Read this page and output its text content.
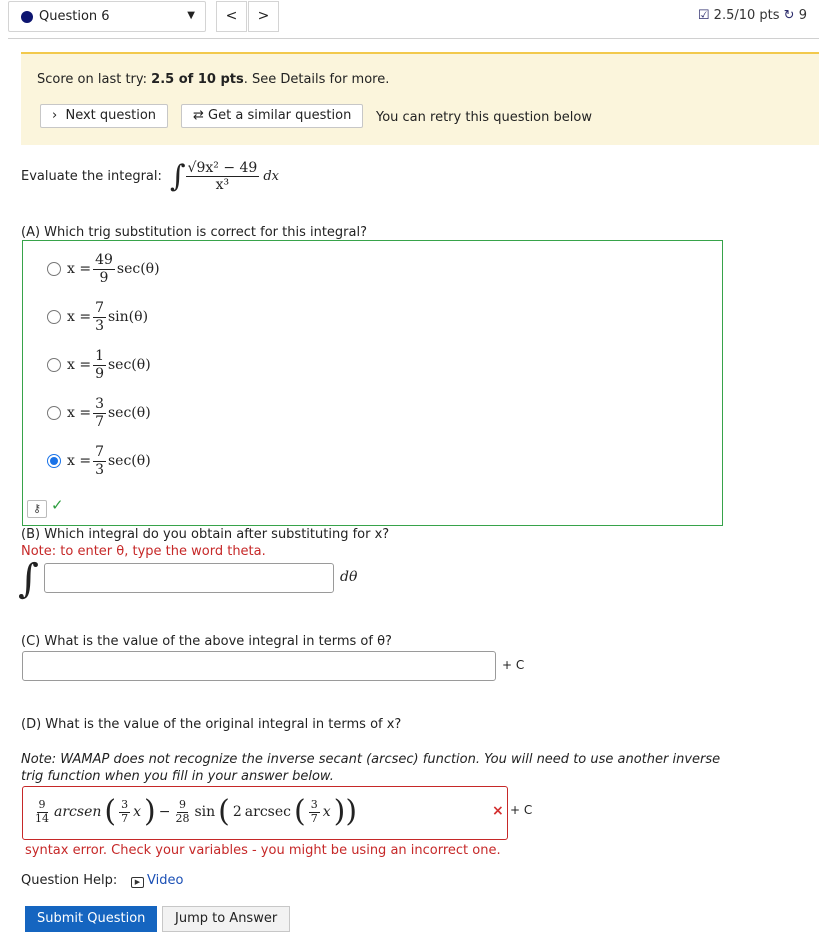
Question 6	▼	<	>	☑ 2.5/10 pts ↻ 9
Score on last try: 2.5 of 10 pts. See Details for more.
› Next question	⇄ Get a similar question	You can retry this question below
Evaluate the integral: ∫ $\frac{\text{√9x² − 49}}{\text{x³}}$ dx
(A) Which trig substitution is correct for this integral?
$x = \frac{49}{9} \sec(\theta)$
$x = \frac{7}{3} \sin(\theta)$
$x = \frac{1}{9} \sec(\theta)$
$x = \frac{3}{7} \sec(\theta)$
$x = \frac{7}{3} \sec(\theta)$
⚷ ✓
(B) Which integral do you obtain after substituting for x?
Note: to enter θ, type the word theta.
∫	dθ
(C) What is the value of the above integral in terms of θ?
+ C
(D) What is the value of the original integral in terms of x?
Note: WAMAP does not recognize the inverse secant (arcsec) function. You will need to use another inverse trig function when you fill in your answer below.
$\frac{9}{14}$ arcsen ( $\frac{3}{7}$ x ) − $\frac{9}{28}$ sin ( 2 arcsec ( $\frac{3}{7}$ x ))	× + C
syntax error. Check your variables - you might be using an incorrect one.
Question Help:	▶ Video
Submit Question	Jump to Answer
